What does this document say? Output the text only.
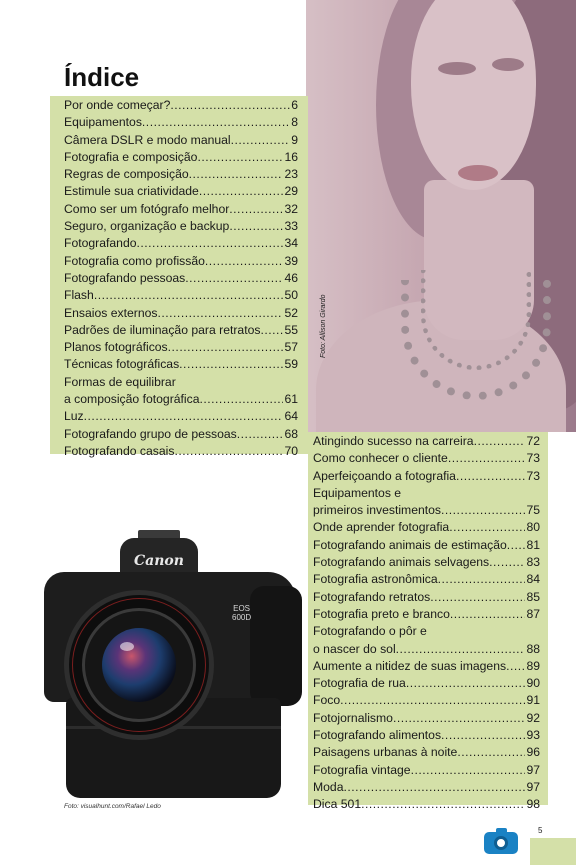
Foto: Allison Girardo
Índice
Por onde começar? .....	6
Equipamentos .....	8
Câmera DSLR e modo manual .....	9
Fotografia e composição .....	16
Regras de composição .....	23
Estimule sua criatividade .....	29
Como ser um fotógrafo melhor .....	32
Seguro, organização e backup .....	33
Fotografando .....	34
Fotografia como profissão .....	39
Fotografando pessoas .....	46
Flash .....	50
Ensaios externos .....	52
Padrões de iluminação para retratos ..... 55
Planos fotográficos .....	57
Técnicas fotográficas .....	59
Formas de equilibrar
a composição fotográfica .....	61
Luz .....	64
Fotografando grupo de pessoas .....	68
Fotografando casais .....	70
Atingindo sucesso na carreira .....	72
Como conhecer o cliente .....	73
Aperfeiçoando a fotografia .....	73
Equipamentos e
primeiros investimentos .....	75
Onde aprender fotografia .....	80
Fotografando animais de estimação ..... 81
Fotografando animais selvagens .....	83
Fotografia astronômica .....	84
Fotografando retratos .....	85
Fotografia preto e branco .....	87
Fotografando o pôr e
o nascer do sol .....	88
Aumente a nitidez de suas imagens ..... 89
Fotografia de rua .....	90
Foco .....	91
Fotojornalismo .....	92
Fotografando alimentos .....	93
Paisagens urbanas à noite .....	96
Fotografia vintage .....	97
Moda .....	97
Dica 501 .....	98
Canon
EOS
600D
Foto: visualhunt.com/Rafael Ledo
5
